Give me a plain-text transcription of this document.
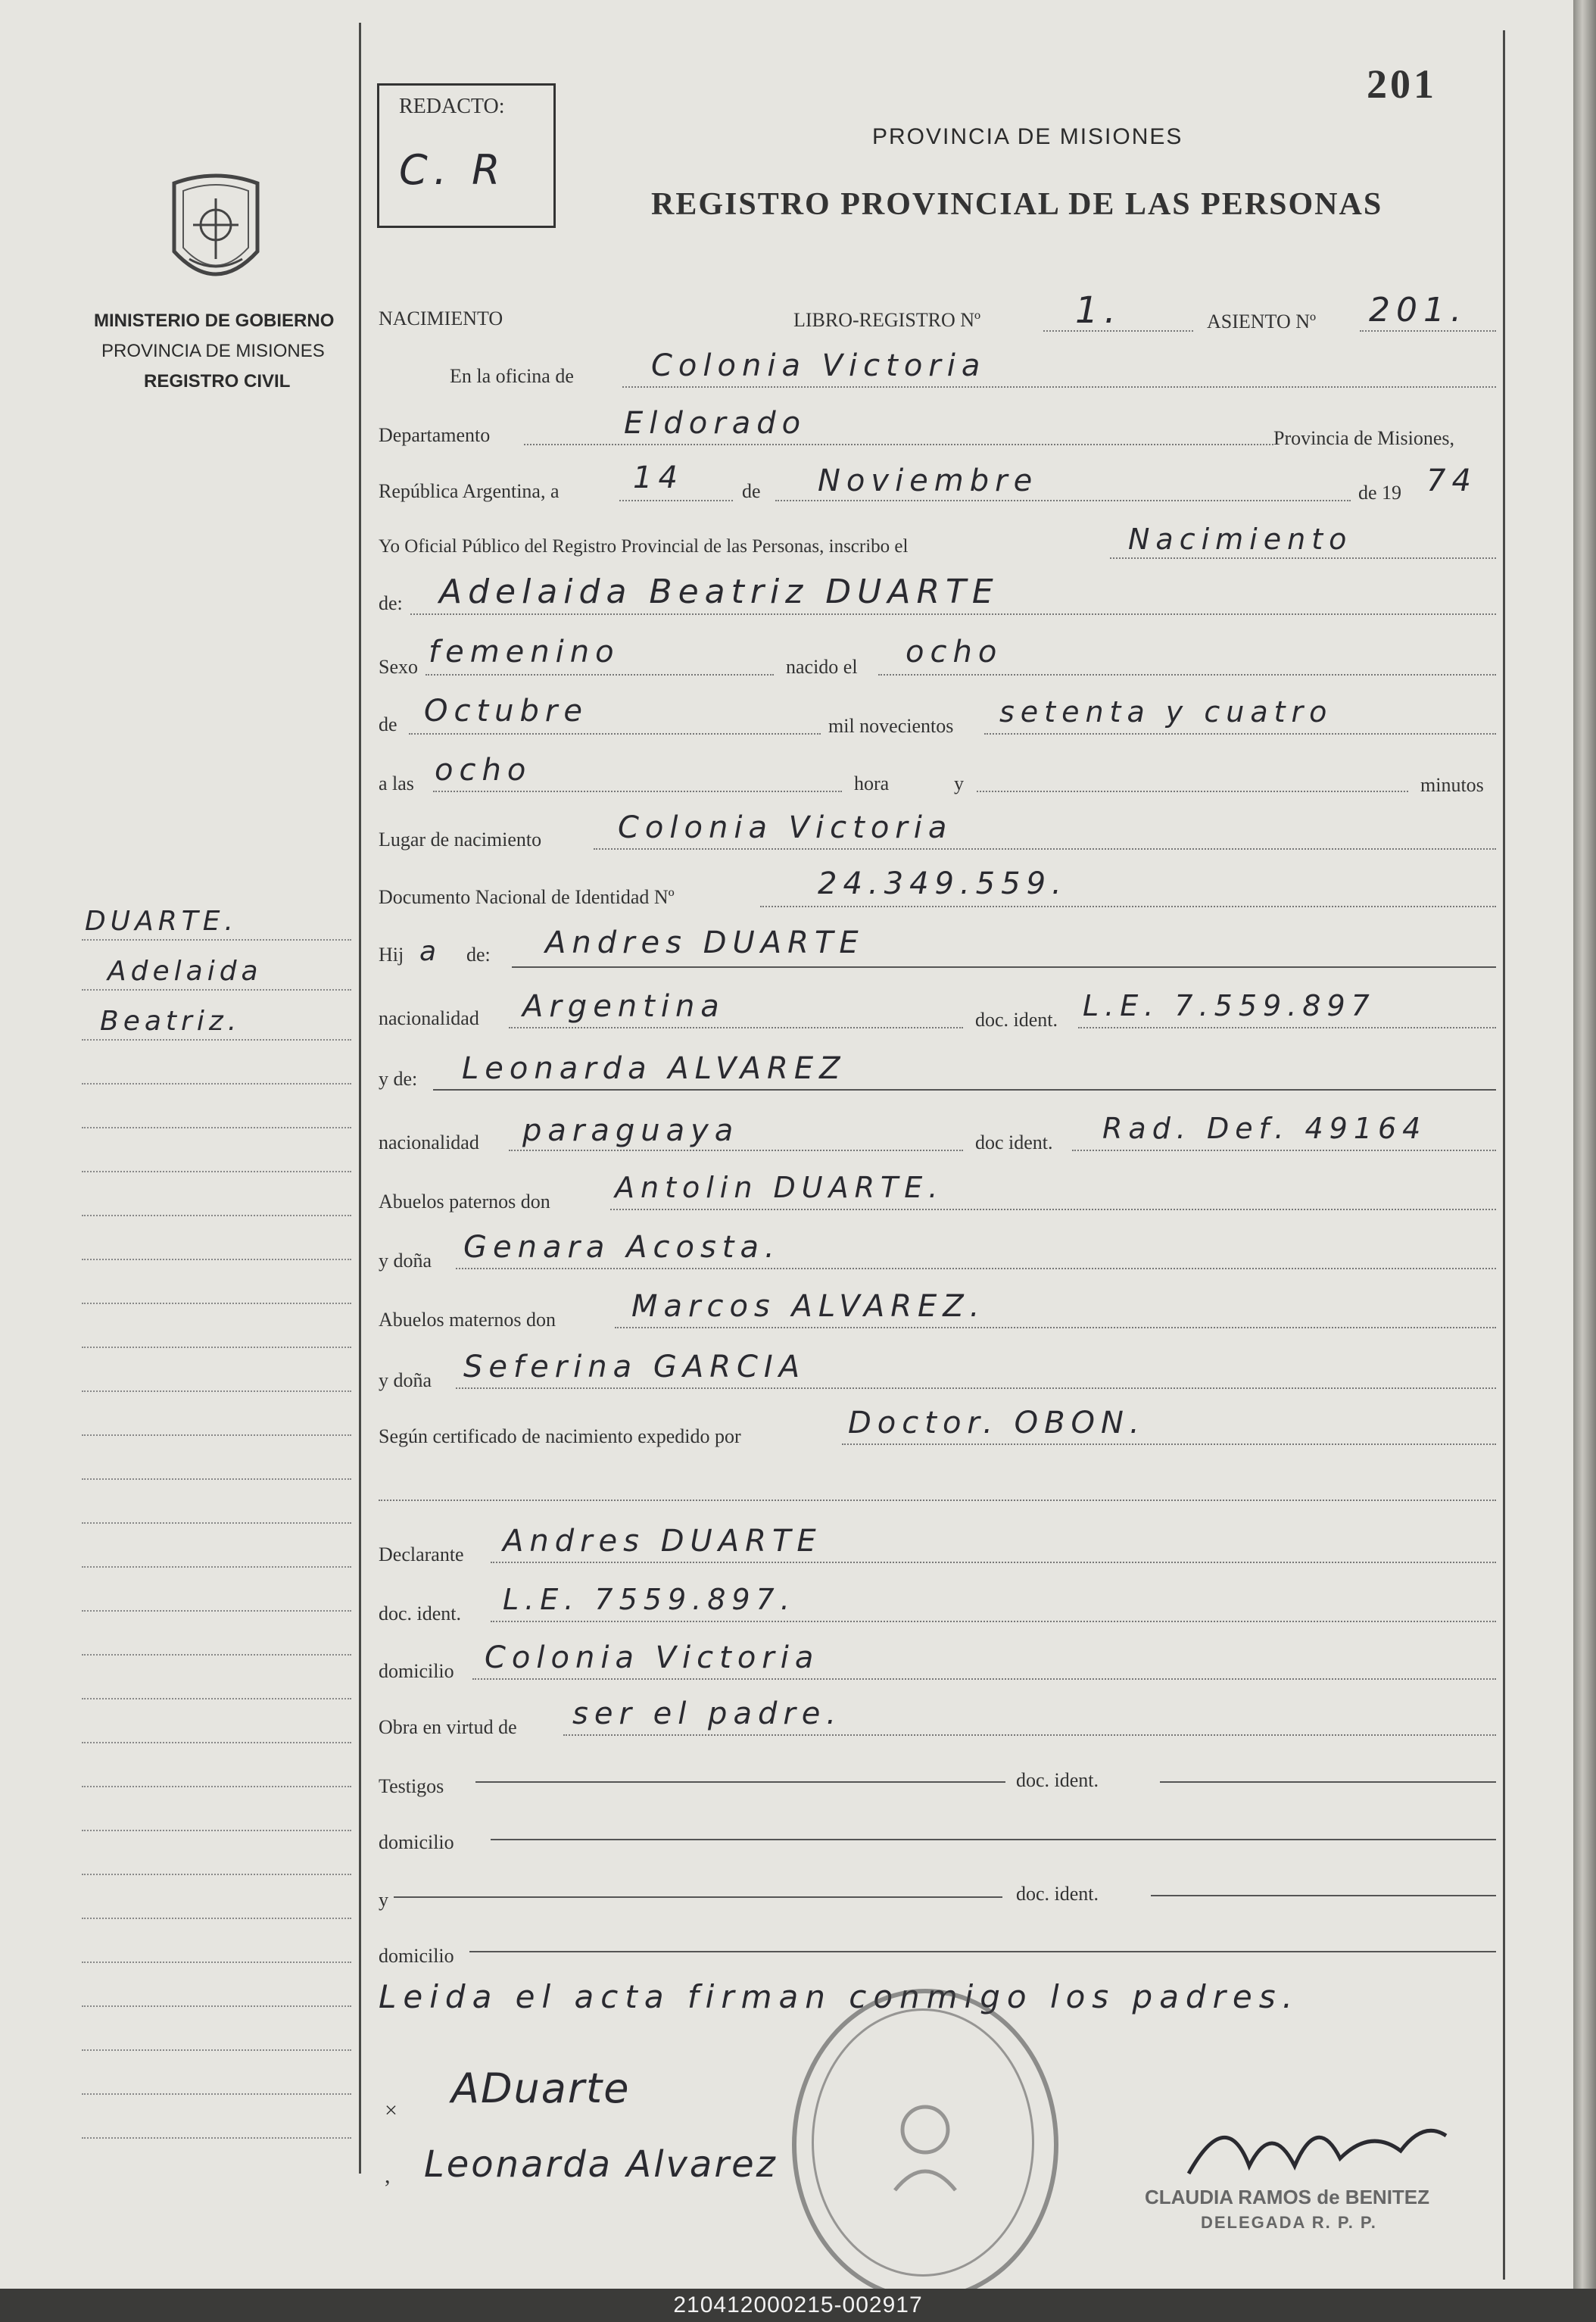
201
REDACTO:
C. R
PROVINCIA DE MISIONES
REGISTRO PROVINCIAL DE LAS PERSONAS
MINISTERIO DE GOBIERNO
PROVINCIA DE MISIONES
REGISTRO CIVIL
DUARTE.
Adelaida
Beatriz.
NACIMIENTO	LIBRO-REGISTRO Nº	1.	ASIENTO Nº 201.
En la oficina de	Colonia Victoria
Departamento	Eldorado	Provincia de Misiones,
República Argentina, a 14	de Noviembre	de 19 74
Yo Oficial Público del Registro Provincial de las Personas, inscribo el	Nacimiento
de: Adelaida Beatriz DUARTE
Sexo femenino	nacido el ocho
de Octubre	mil novecientos setenta y cuatro
a las ocho	hora	y	minutos
Lugar de nacimiento	Colonia Victoria
Documento Nacional de Identidad Nº	24.349.559.
Hij a de: Andres DUARTE
nacionalidad Argentina	doc. ident. L.E. 7.559.897
y de: Leonarda ALVAREZ
nacionalidad paraguaya	doc ident. Rad. Def. 49164
Abuelos paternos don Antolin DUARTE.
y doña Genara Acosta.
Abuelos maternos don	Marcos ALVAREZ.
y doña Seferina GARCIA
Según certificado de nacimiento expedido por	Doctor. OBON.
Declarante Andres DUARTE
doc. ident. L.E. 7559.897.
domicilio Colonia Victoria
Obra en virtud de ser el padre.
Testigos	doc. ident.
domicilio
y	doc. ident.
domicilio
Leida el acta firman conmigo los padres.
× ADuarte
, Leonarda Alvarez
CLAUDIA RAMOS de BENITEZ
DELEGADA R. P. P.
210412000215-002917
